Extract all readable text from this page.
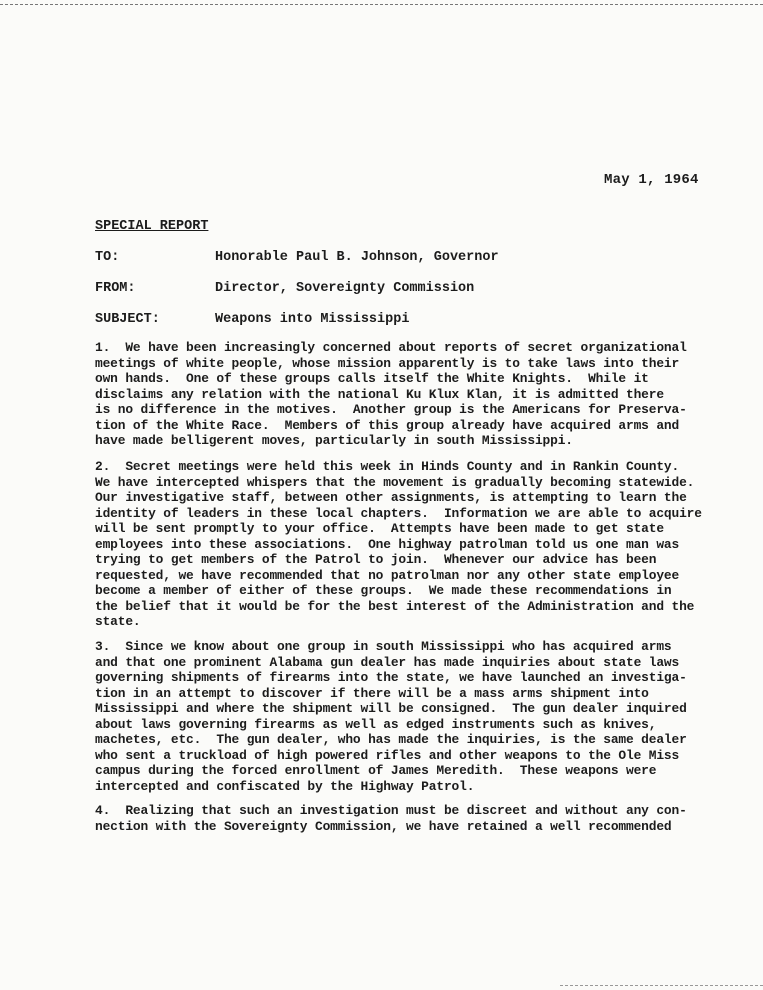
May 1, 1964
SPECIAL REPORT
TO:	Honorable Paul B. Johnson, Governor
FROM:	Director, Sovereignty Commission
SUBJECT:	Weapons into Mississippi

1.  We have been increasingly concerned about reports of secret organizational
meetings of white people, whose mission apparently is to take laws into their
own hands.  One of these groups calls itself the White Knights.  While it
disclaims any relation with the national Ku Klux Klan, it is admitted there
is no difference in the motives.  Another group is the Americans for Preserva-
tion of the White Race.  Members of this group already have acquired arms and
have made belligerent moves, particularly in south Mississippi.

2.  Secret meetings were held this week in Hinds County and in Rankin County.
We have intercepted whispers that the movement is gradually becoming statewide.
Our investigative staff, between other assignments, is attempting to learn the
identity of leaders in these local chapters.  Information we are able to acquire
will be sent promptly to your office.  Attempts have been made to get state
employees into these associations.  One highway patrolman told us one man was
trying to get members of the Patrol to join.  Whenever our advice has been
requested, we have recommended that no patrolman nor any other state employee
become a member of either of these groups.  We made these recommendations in
the belief that it would be for the best interest of the Administration and the
state.

3.  Since we know about one group in south Mississippi who has acquired arms
and that one prominent Alabama gun dealer has made inquiries about state laws
governing shipments of firearms into the state, we have launched an investiga-
tion in an attempt to discover if there will be a mass arms shipment into
Mississippi and where the shipment will be consigned.  The gun dealer inquired
about laws governing firearms as well as edged instruments such as knives,
machetes, etc.  The gun dealer, who has made the inquiries, is the same dealer
who sent a truckload of high powered rifles and other weapons to the Ole Miss
campus during the forced enrollment of James Meredith.  These weapons were
intercepted and confiscated by the Highway Patrol.

4.  Realizing that such an investigation must be discreet and without any con-
nection with the Sovereignty Commission, we have retained a well recommended
